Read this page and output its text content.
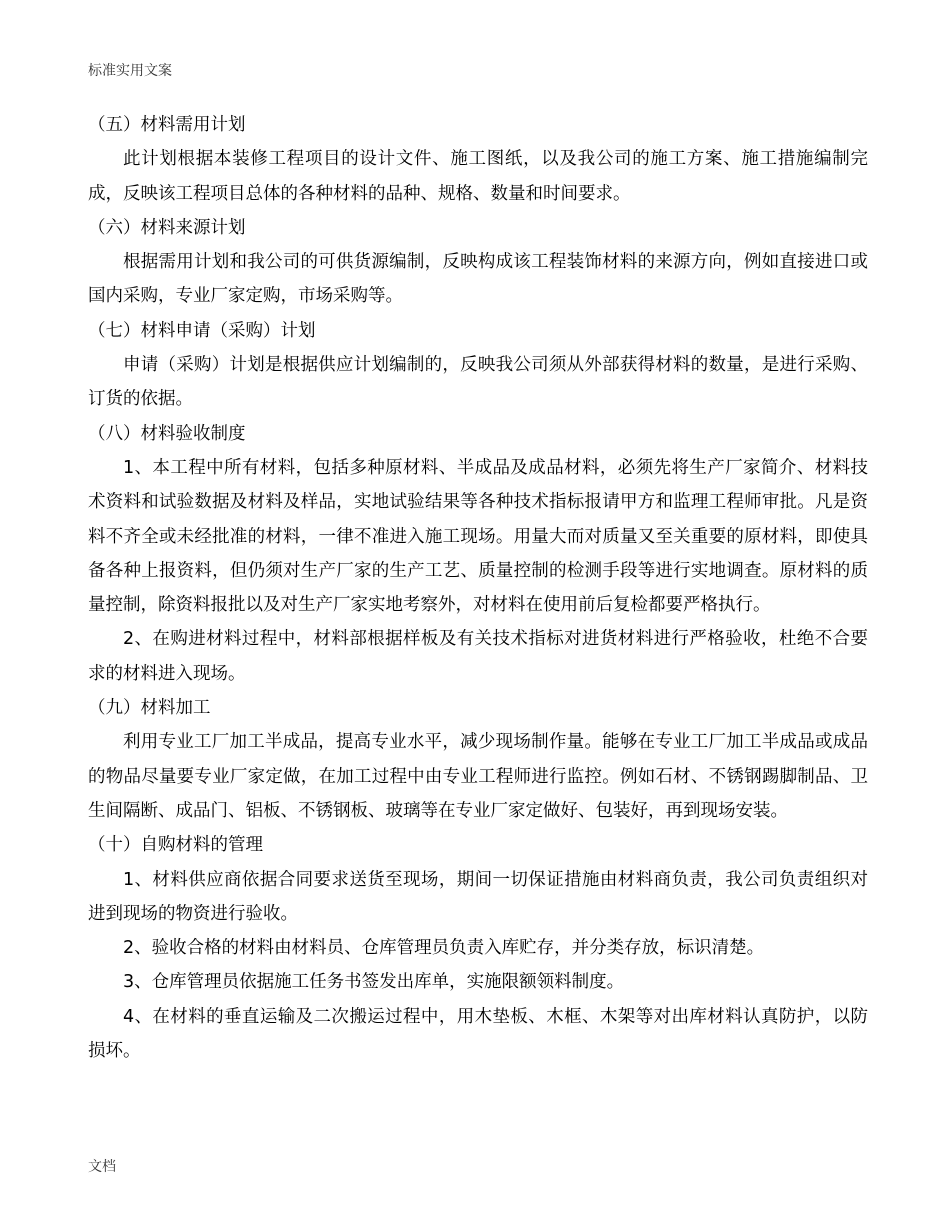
标准实用文案

（五）材料需用计划

此计划根据本装修工程项目的设计文件、施工图纸，以及我公司的施工方案、施工措施编制完成，反映该工程项目总体的各种材料的品种、规格、数量和时间要求。

（六）材料来源计划

根据需用计划和我公司的可供货源编制，反映构成该工程装饰材料的来源方向，例如直接进口或国内采购，专业厂家定购，市场采购等。

（七）材料申请（采购）计划

申请（采购）计划是根据供应计划编制的，反映我公司须从外部获得材料的数量，是进行采购、订货的依据。

（八）材料验收制度

1、本工程中所有材料，包括多种原材料、半成品及成品材料，必须先将生产厂家简介、材料技术资料和试验数据及材料及样品，实地试验结果等各种技术指标报请甲方和监理工程师审批。凡是资料不齐全或未经批准的材料，一律不准进入施工现场。用量大而对质量又至关重要的原材料，即使具备各种上报资料，但仍须对生产厂家的生产工艺、质量控制的检测手段等进行实地调查。原材料的质量控制，除资料报批以及对生产厂家实地考察外，对材料在使用前后复检都要严格执行。

2、在购进材料过程中，材料部根据样板及有关技术指标对进货材料进行严格验收，杜绝不合要求的材料进入现场。

（九）材料加工

利用专业工厂加工半成品，提高专业水平，减少现场制作量。能够在专业工厂加工半成品或成品的物品尽量要专业厂家定做，在加工过程中由专业工程师进行监控。例如石材、不锈钢踢脚制品、卫生间隔断、成品门、铝板、不锈钢板、玻璃等在专业厂家定做好、包装好，再到现场安装。

（十）自购材料的管理

1、材料供应商依据合同要求送货至现场，期间一切保证措施由材料商负责，我公司负责组织对进到现场的物资进行验收。

2、验收合格的材料由材料员、仓库管理员负责入库贮存，并分类存放，标识清楚。

3、仓库管理员依据施工任务书签发出库单，实施限额领料制度。

4、在材料的垂直运输及二次搬运过程中，用木垫板、木框、木架等对出库材料认真防护，以防损坏。

文档
